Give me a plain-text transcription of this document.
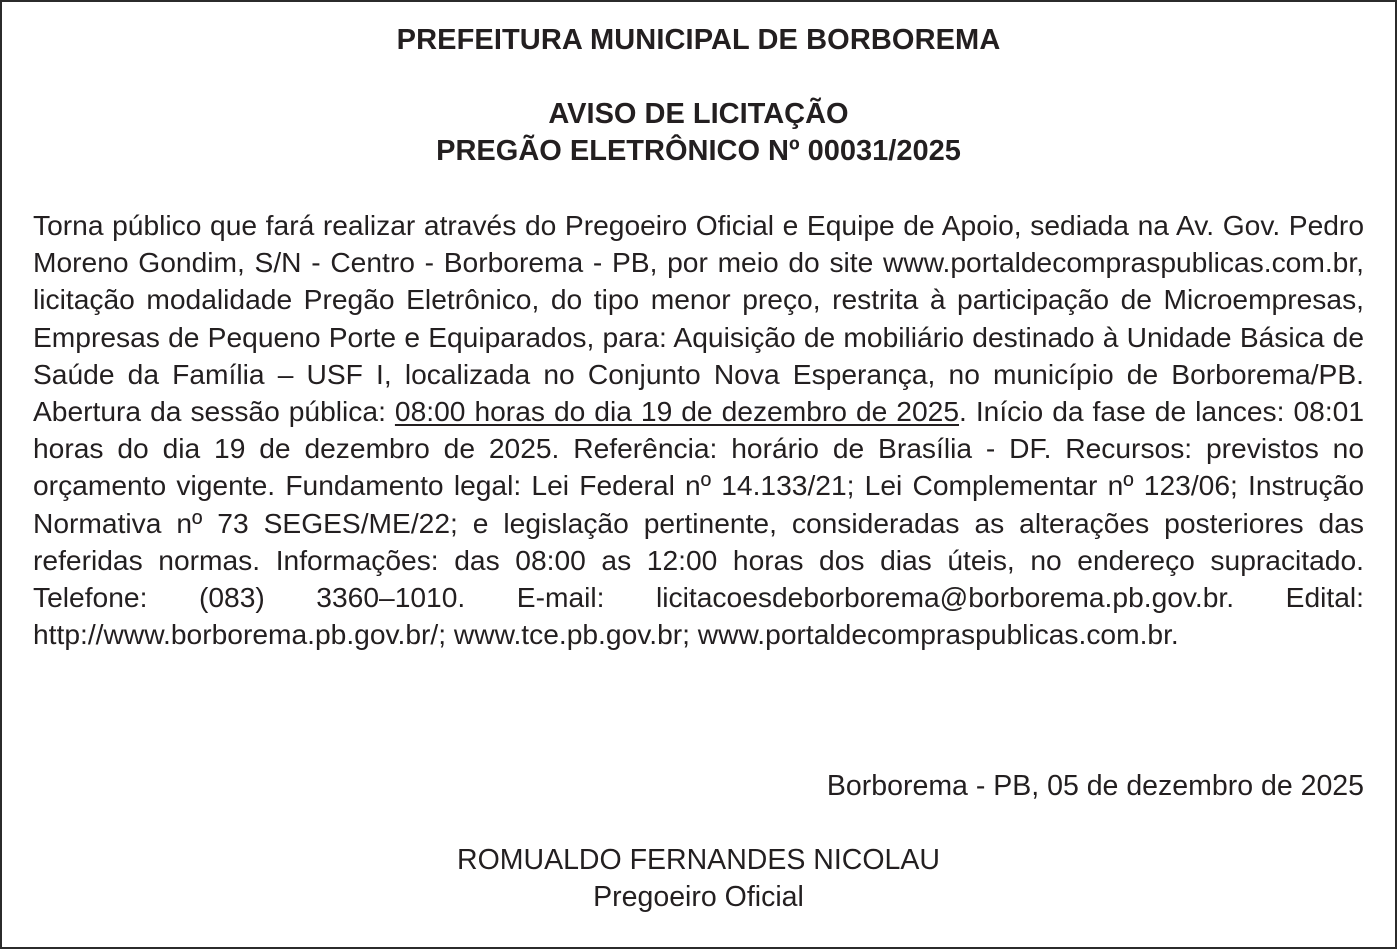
PREFEITURA MUNICIPAL DE BORBOREMA
AVISO DE LICITAÇÃO
PREGÃO ELETRÔNICO Nº 00031/2025
Torna público que fará realizar através do Pregoeiro Oficial e Equipe de Apoio, sediada na Av. Gov. Pedro Moreno Gondim, S/N - Centro - Borborema - PB, por meio do site www.portaldecompraspublicas.com.br, licitação modalidade Pregão Eletrônico, do tipo menor preço, restrita à participação de Microempresas, Empresas de Pequeno Porte e Equiparados, para: Aquisição de mobiliário destinado à Unidade Básica de Saúde da Família – USF I, localizada no Conjunto Nova Esperança, no município de Borborema/PB. Abertura da sessão pública: 08:00 horas do dia 19 de dezembro de 2025. Início da fase de lances: 08:01 horas do dia 19 de dezembro de 2025. Referência: horário de Brasília - DF. Recursos: previstos no orçamento vigente. Fundamento legal: Lei Federal nº 14.133/21; Lei Complementar nº 123/06; Instrução Normativa nº 73 SEGES/ME/22; e legislação pertinente, consideradas as alterações posteriores das referidas normas. Informações: das 08:00 as 12:00 horas dos dias úteis, no endereço supracitado. Telefone: (083) 3360–1010. E-mail: licitacoesdeborborema@borborema.pb.gov.br. Edital: http://www.borborema.pb.gov.br/; www.tce.pb.gov.br; www.portaldecompraspublicas.com.br.
Borborema - PB, 05 de dezembro de 2025
ROMUALDO FERNANDES NICOLAU
Pregoeiro Oficial
